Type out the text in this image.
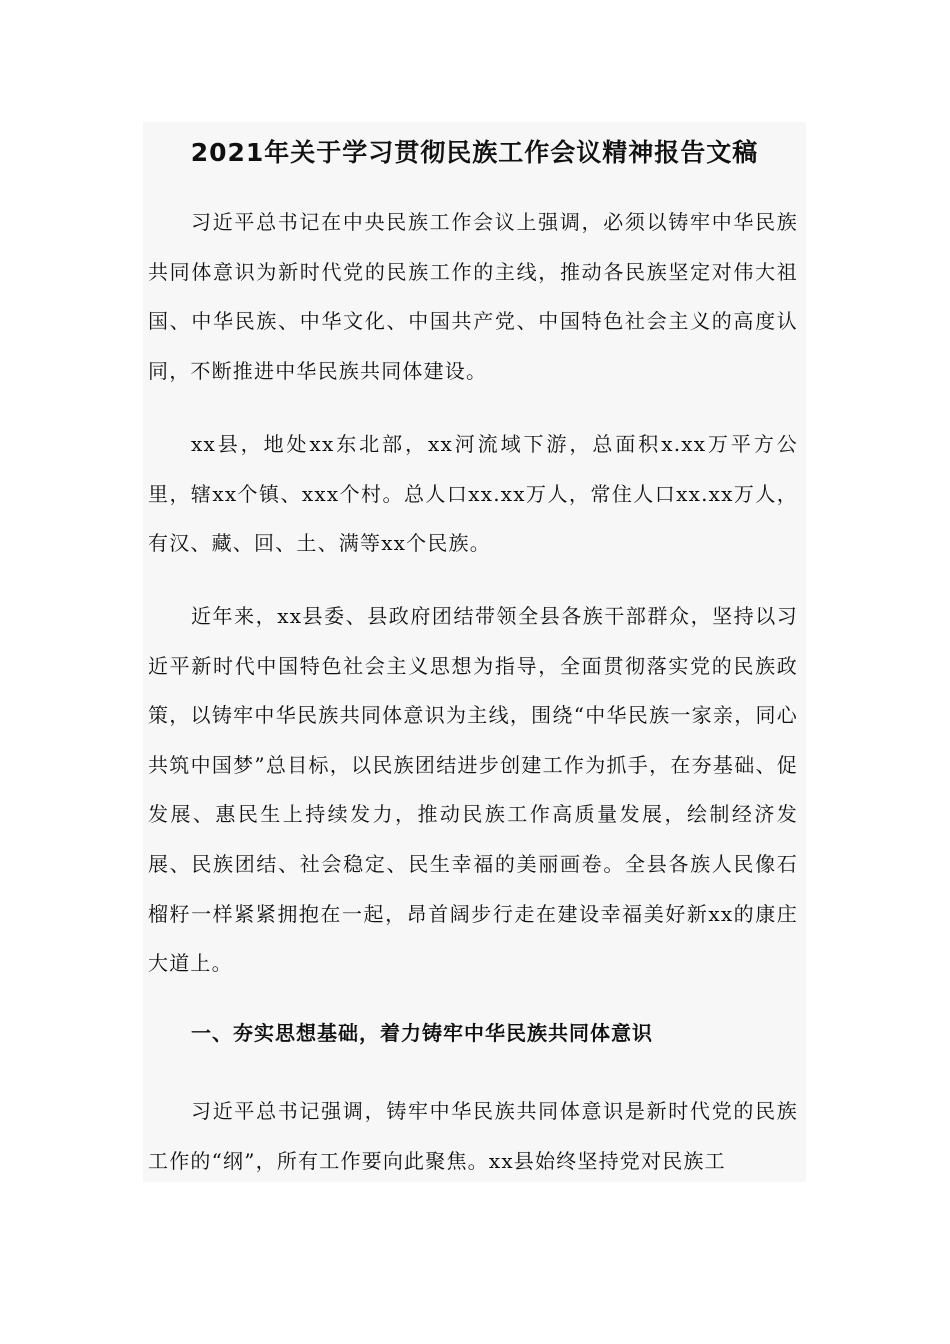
2021年关于学习贯彻民族工作会议精神报告文稿

习近平总书记在中央民族工作会议上强调，必须以铸牢中华民族共同体意识为新时代党的民族工作的主线，推动各民族坚定对伟大祖国、中华民族、中华文化、中国共产党、中国特色社会主义的高度认同，不断推进中华民族共同体建设。

xx县，地处xx东北部，xx河流域下游，总面积x.xx万平方公里，辖xx个镇、xxx个村。总人口xx.xx万人，常住人口xx.xx万人，有汉、藏、回、土、满等xx个民族。

近年来，xx县委、县政府团结带领全县各族干部群众，坚持以习近平新时代中国特色社会主义思想为指导，全面贯彻落实党的民族政策，以铸牢中华民族共同体意识为主线，围绕“中华民族一家亲，同心共筑中国梦”总目标，以民族团结进步创建工作为抓手，在夯基础、促发展、惠民生上持续发力，推动民族工作高质量发展，绘制经济发展、民族团结、社会稳定、民生幸福的美丽画卷。全县各族人民像石榴籽一样紧紧拥抱在一起，昂首阔步行走在建设幸福美好新xx的康庄大道上。

一、夯实思想基础，着力铸牢中华民族共同体意识

习近平总书记强调，铸牢中华民族共同体意识是新时代党的民族工作的“纲”，所有工作要向此聚焦。xx县始终坚持党对民族工
